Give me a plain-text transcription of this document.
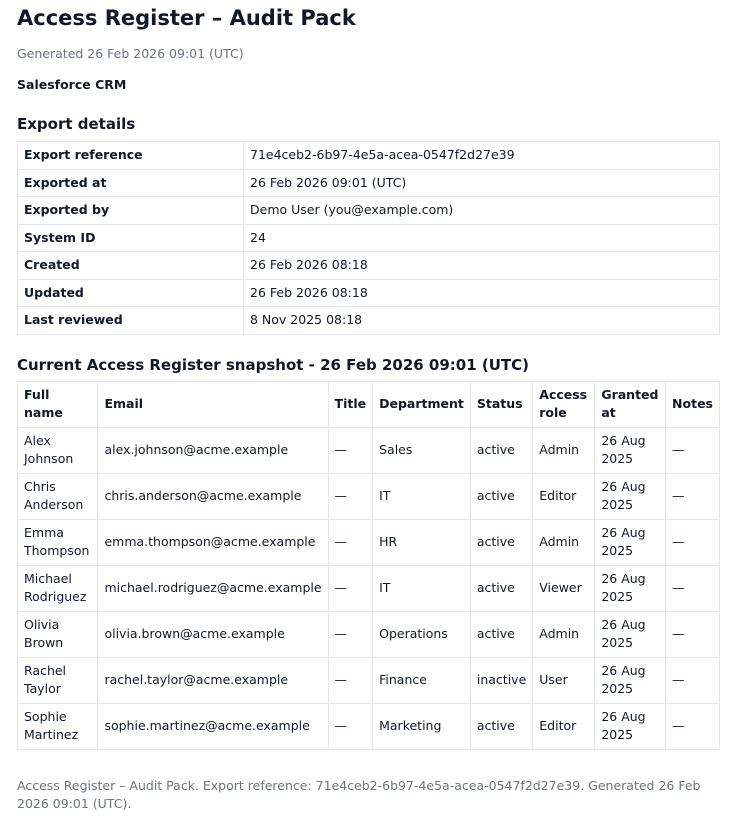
Access Register – Audit Pack
Generated 26 Feb 2026 09:01 (UTC)
Salesforce CRM
Export details
Export reference	71e4ceb2-6b97-4e5a-acea-0547f2d27e39
Exported at	26 Feb 2026 09:01 (UTC)
Exported by	Demo User (you@example.com)
System ID	24
Created	26 Feb 2026 08:18
Updated	26 Feb 2026 08:18
Last reviewed	8 Nov 2025 08:18
Current Access Register snapshot - 26 Feb 2026 09:01 (UTC)
Full name	Email	Title	Department	Status	Access role	Granted at	Notes
Alex Johnson	alex.johnson@acme.example	—	Sales	active	Admin	26 Aug 2025	—
Chris Anderson	chris.anderson@acme.example	—	IT	active	Editor	26 Aug 2025	—
Emma Thompson	emma.thompson@acme.example	—	HR	active	Admin	26 Aug 2025	—
Michael Rodriguez	michael.rodriguez@acme.example	—	IT	active	Viewer	26 Aug 2025	—
Olivia Brown	olivia.brown@acme.example	—	Operations	active	Admin	26 Aug 2025	—
Rachel Taylor	rachel.taylor@acme.example	—	Finance	inactive	User	26 Aug 2025	—
Sophie Martinez	sophie.martinez@acme.example	—	Marketing	active	Editor	26 Aug 2025	—
Access Register – Audit Pack. Export reference: 71e4ceb2-6b97-4e5a-acea-0547f2d27e39. Generated 26 Feb 2026 09:01 (UTC).
